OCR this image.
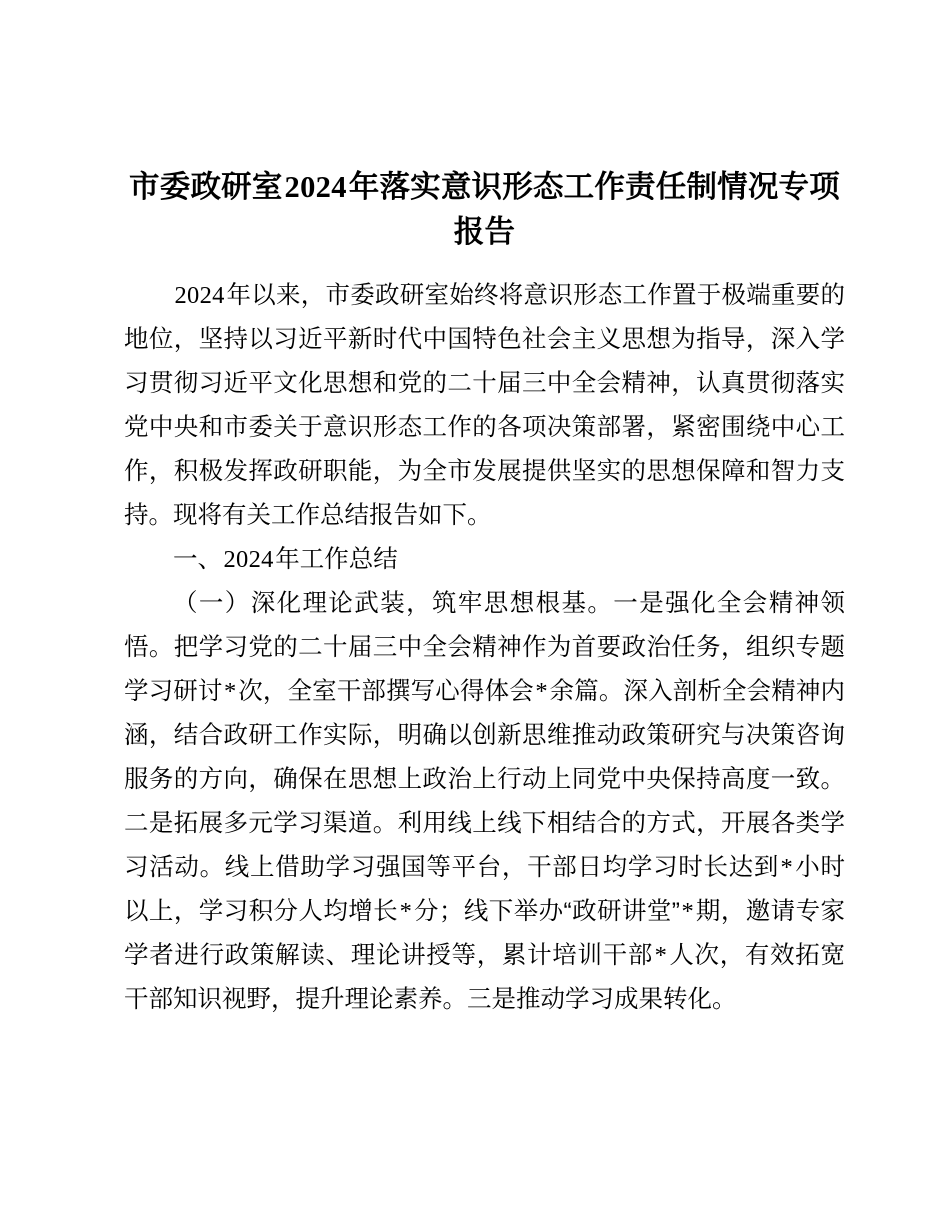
市委政研室2024年落实意识形态工作责任制情况专项报告

2024年以来，市委政研室始终将意识形态工作置于极端重要的地位，坚持以习近平新时代中国特色社会主义思想为指导，深入学习贯彻习近平文化思想和党的二十届三中全会精神，认真贯彻落实党中央和市委关于意识形态工作的各项决策部署，紧密围绕中心工作，积极发挥政研职能，为全市发展提供坚实的思想保障和智力支持。现将有关工作总结报告如下。

一、2024年工作总结

（一）深化理论武装，筑牢思想根基。一是强化全会精神领悟。把学习党的二十届三中全会精神作为首要政治任务，组织专题学习研讨*次，全室干部撰写心得体会*余篇。深入剖析全会精神内涵，结合政研工作实际，明确以创新思维推动政策研究与决策咨询服务的方向，确保在思想上政治上行动上同党中央保持高度一致。二是拓展多元学习渠道。利用线上线下相结合的方式，开展各类学习活动。线上借助学习强国等平台，干部日均学习时长达到*小时以上，学习积分人均增长*分；线下举办“政研讲堂”*期，邀请专家学者进行政策解读、理论讲授等，累计培训干部*人次，有效拓宽干部知识视野，提升理论素养。三是推动学习成果转化。
